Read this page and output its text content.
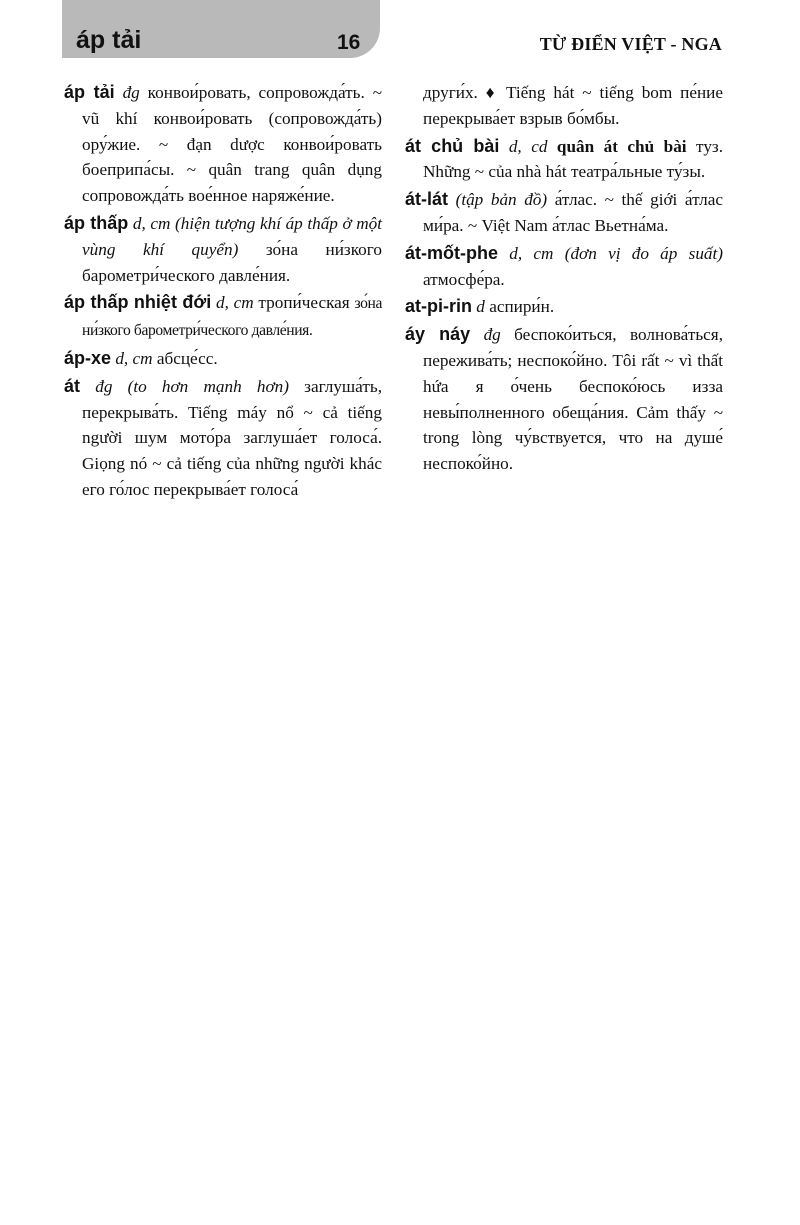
áp tải	16	TỪ ĐIỂN VIỆT - NGA

áp tải đg конвои́ровать, сопровожда́ть. ~ vũ khí конвои́ровать (сопровожда́ть) ору́жие. ~ đạn dược конвои́ровать боеприпа́сы. ~ quân trang quân dụng сопровожда́ть вое́нное наряже́ние.

áp thấp d, cm (hiện tượng khí áp thấp ở một vùng khí quyển) зо́на ни́зкого барометри́ческого давле́ния.

áp thấp nhiệt đới d, cm тропи́ческая зо́на ни́зкого барометри́ческого давле́ния.

áp-xe d, cm абсце́сс.

át đg (to hơn mạnh hơn) заглуша́ть, перекрыва́ть. Tiếng máy nổ ~ cả tiếng người шум мото́ра заглуша́ет голоса́. Giọng nó ~ cả tiếng của những người khác его го́лос перекрыва́ет голоса́

други́х. ♦ Tiếng hát ~ tiếng bom пе́ние перекрыва́ет взрыв бо́мбы.

át chủ bài d, cd quân át chủ bài туз. Những ~ của nhà hát театра́льные ту́зы.

át-lát (tập bản đồ) а́тлас. ~ thế giới а́тлас ми́ра. ~ Việt Nam а́тлас Вьетна́ма.

át-mốt-phe d, cm (đơn vị đo áp suất) атмосфе́ра.

at-pi-rin d аспири́н.

áy náy đg беспоко́иться, волнова́ться, пережива́ть; неспоко́йно. Tôi rất ~ vì thất hứa я о́чень беспоко́юсь изза невы́полненного обеща́ния. Cảm thấy ~ trong lòng чу́вствуется, что на душе́ неспоко́йно.
